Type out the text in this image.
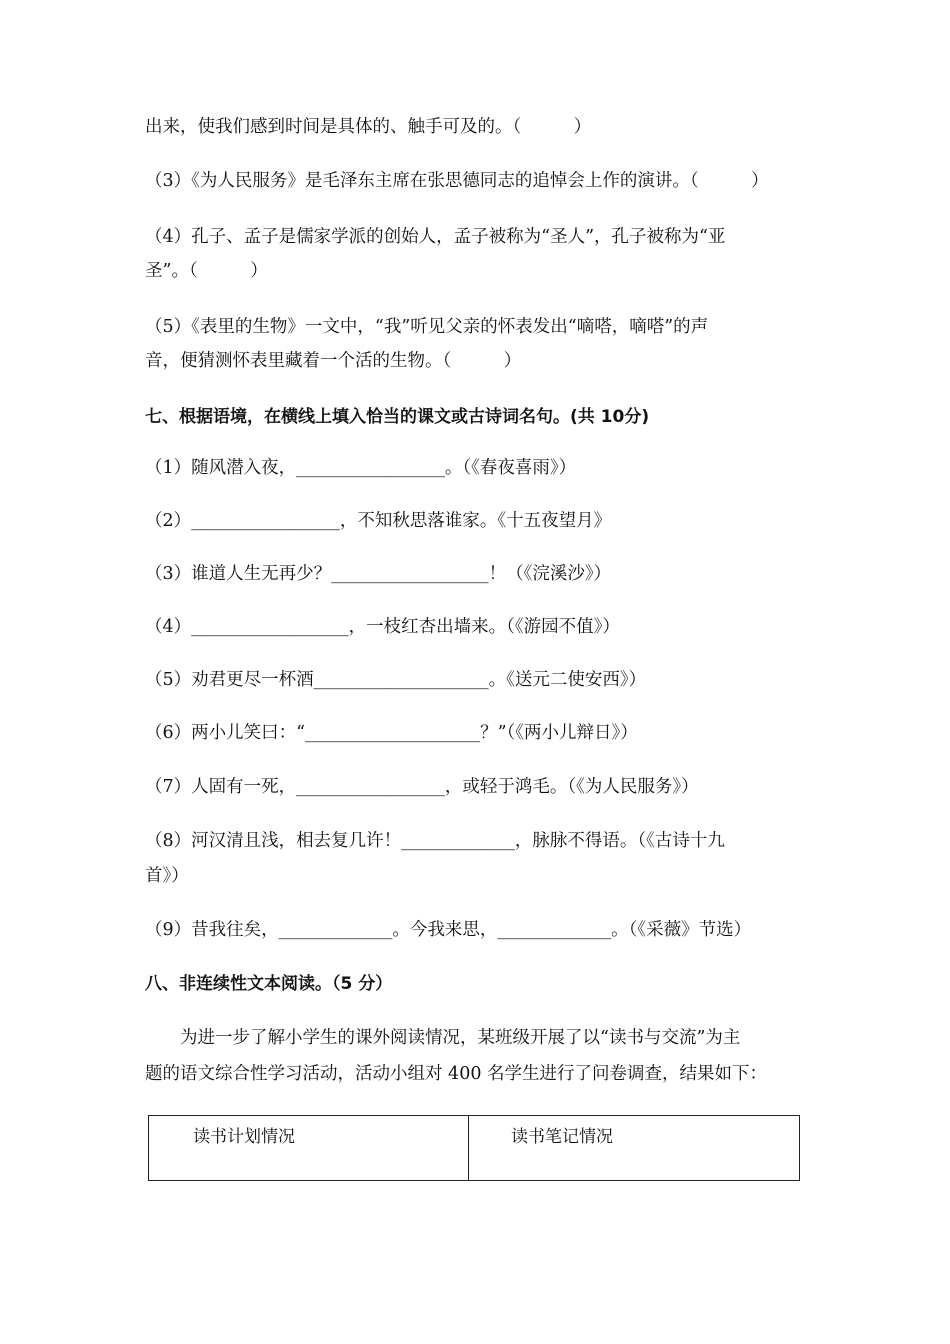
出来，使我们感到时间是具体的、触手可及的。（　　　）
（3）《为人民服务》是毛泽东主席在张思德同志的追悼会上作的演讲。（　　　）
（4）孔子、孟子是儒家学派的创始人，孟子被称为“圣人”，孔子被称为“亚
圣”。（　　　）
（5）《表里的生物》一文中，“我”听见父亲的怀表发出“嘀嗒，嘀嗒”的声
音，便猜测怀表里藏着一个活的生物。（　　　）
七、根据语境，在横线上填入恰当的课文或古诗词名句。(共 10分)
（1）随风潜入夜，_________________。（《春夜喜雨》）
（2）_________________，不知秋思落谁家。《十五夜望月》
（3）谁道人生无再少？__________________！（《浣溪沙》）
（4）__________________，一枝红杏出墙来。（《游园不值》）
（5）劝君更尽一杯酒____________________。《送元二使安西》）
（6）两小儿笑曰：“____________________？”（《两小儿辩日》）
（7）人固有一死，_________________，或轻于鸿毛。（《为人民服务》）
（8）河汉清且浅，相去复几许！_____________，脉脉不得语。（《古诗十九
首》）
（9）昔我往矣，_____________。今我来思，_____________。（《采薇》节选）
八、非连续性文本阅读。（5 分）
　　为进一步了解小学生的课外阅读情况，某班级开展了以“读书与交流”为主
题的语文综合性学习活动，活动小组对 400 名学生进行了问卷调查，结果如下：
读书计划情况	读书笔记情况
